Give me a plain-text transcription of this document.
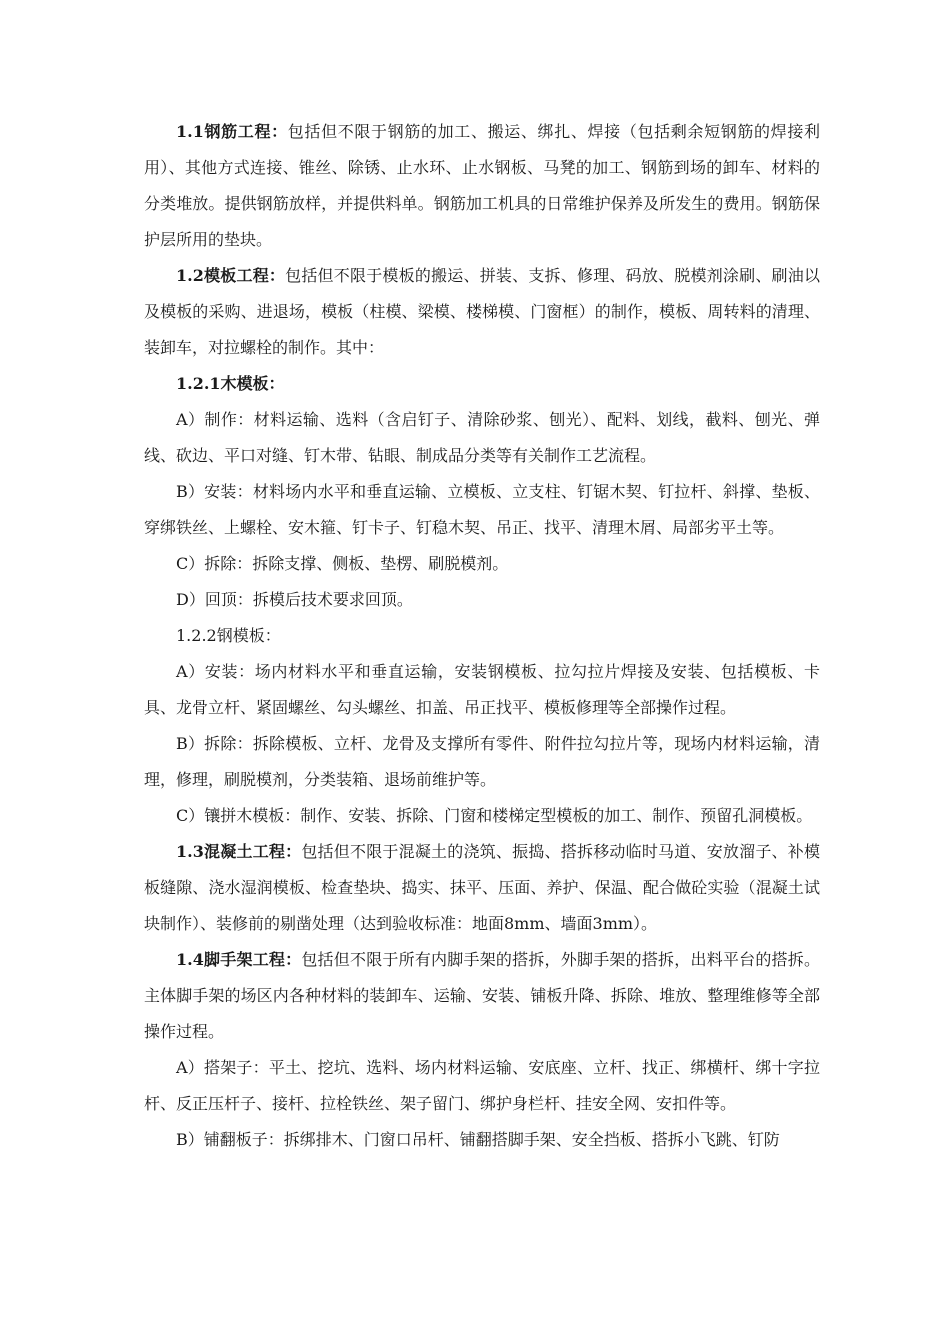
1.1钢筋工程：包括但不限于钢筋的加工、搬运、绑扎、焊接（包括剩余短钢筋的焊接利用）、其他方式连接、锥丝、除锈、止水环、止水钢板、马凳的加工、钢筋到场的卸车、材料的分类堆放。提供钢筋放样，并提供料单。钢筋加工机具的日常维护保养及所发生的费用。钢筋保护层所用的垫块。

1.2模板工程：包括但不限于模板的搬运、拼装、支拆、修理、码放、脱模剂涂刷、刷油以及模板的采购、进退场，模板（柱模、梁模、楼梯模、门窗框）的制作，模板、周转料的清理、装卸车，对拉螺栓的制作。其中：

1.2.1木模板：

A）制作：材料运输、选料（含启钉子、清除砂浆、刨光）、配料、划线，截料、刨光、弹线、砍边、平口对缝、钉木带、钻眼、制成品分类等有关制作工艺流程。

B）安装：材料场内水平和垂直运输、立模板、立支柱、钉锯木契、钉拉杆、斜撑、垫板、穿绑铁丝、上螺栓、安木箍、钉卡子、钉稳木契、吊正、找平、清理木屑、局部劣平土等。

C）拆除：拆除支撑、侧板、垫楞、刷脱模剂。

D）回顶：拆模后技术要求回顶。

1.2.2钢模板：

A）安装：场内材料水平和垂直运输，安装钢模板、拉勾拉片焊接及安装、包括模板、卡具、龙骨立杆、紧固螺丝、勾头螺丝、扣盖、吊正找平、模板修理等全部操作过程。

B）拆除：拆除模板、立杆、龙骨及支撑所有零件、附件拉勾拉片等，现场内材料运输，清理，修理，刷脱模剂，分类装箱、退场前维护等。

C）镶拼木模板：制作、安装、拆除、门窗和楼梯定型模板的加工、制作、预留孔洞模板。

1.3混凝土工程：包括但不限于混凝土的浇筑、振捣、搭拆移动临时马道、安放溜子、补模板缝隙、浇水湿润模板、检查垫块、捣实、抹平、压面、养护、保温、配合做砼实验（混凝土试块制作）、装修前的剔凿处理（达到验收标准：地面8mm、墙面3mm）。

1.4脚手架工程：包括但不限于所有内脚手架的搭拆，外脚手架的搭拆，出料平台的搭拆。主体脚手架的场区内各种材料的装卸车、运输、安装、铺板升降、拆除、堆放、整理维修等全部操作过程。

A）搭架子：平土、挖坑、选料、场内材料运输、安底座、立杆、找正、绑横杆、绑十字拉杆、反正压杆子、接杆、拉栓铁丝、架子留门、绑护身栏杆、挂安全网、安扣件等。

B）铺翻板子：拆绑排木、门窗口吊杆、铺翻搭脚手架、安全挡板、搭拆小飞跳、钉防
